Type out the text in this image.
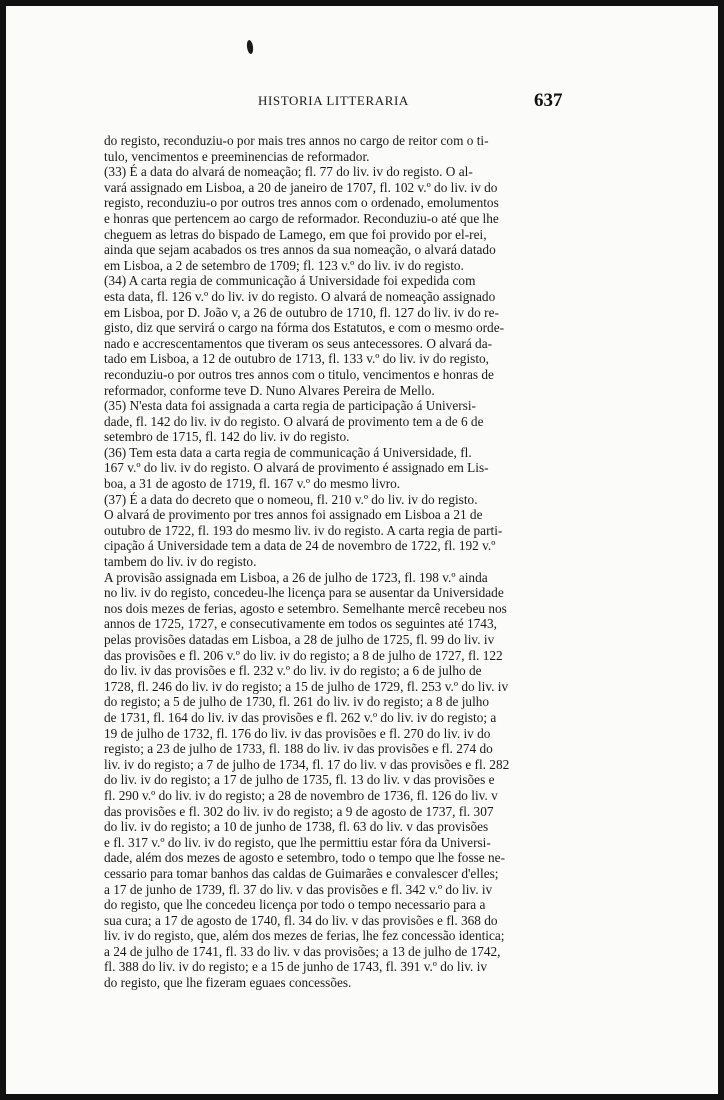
HISTORIA LITTERARIA	637

do registo, reconduziu-o por mais tres annos no cargo de reitor com o ti-
tulo, vencimentos e preeminencias de reformador.

(33) É a data do alvará de nomeação; fl. 77 do liv. iv do registo. O al-
vará assignado em Lisboa, a 20 de janeiro de 1707, fl. 102 v.º do liv. iv do
registo, reconduziu-o por outros tres annos com o ordenado, emolumentos
e honras que pertencem ao cargo de reformador. Reconduziu-o até que lhe
cheguem as letras do bispado de Lamego, em que foi provido por el-rei,
ainda que sejam acabados os tres annos da sua nomeação, o alvará datado
em Lisboa, a 2 de setembro de 1709; fl. 123 v.º do liv. iv do registo.

(34) A carta regia de communicação á Universidade foi expedida com
esta data, fl. 126 v.º do liv. iv do registo. O alvará de nomeação assignado
em Lisboa, por D. João v, a 26 de outubro de 1710, fl. 127 do liv. iv do re-
gisto, diz que servirá o cargo na fórma dos Estatutos, e com o mesmo orde-
nado e accrescentamentos que tiveram os seus antecessores. O alvará da-
tado em Lisboa, a 12 de outubro de 1713, fl. 133 v.º do liv. iv do registo,
reconduziu-o por outros tres annos com o titulo, vencimentos e honras de
reformador, conforme teve D. Nuno Alvares Pereira de Mello.

(35) N'esta data foi assignada a carta regia de participação á Universi-
dade, fl. 142 do liv. iv do registo. O alvará de provimento tem a de 6 de
setembro de 1715, fl. 142 do liv. iv do registo.

(36) Tem esta data a carta regia de communicação á Universidade, fl.
167 v.º do liv. iv do registo. O alvará de provimento é assignado em Lis-
boa, a 31 de agosto de 1719, fl. 167 v.º do mesmo livro.

(37) É a data do decreto que o nomeou, fl. 210 v.º do liv. iv do registo.
O alvará de provimento por tres annos foi assignado em Lisboa a 21 de
outubro de 1722, fl. 193 do mesmo liv. iv do registo. A carta regia de parti-
cipação á Universidade tem a data de 24 de novembro de 1722, fl. 192 v.º
tambem do liv. iv do registo.

A provisão assignada em Lisboa, a 26 de julho de 1723, fl. 198 v.º ainda
no liv. iv do registo, concedeu-lhe licença para se ausentar da Universidade
nos dois mezes de ferias, agosto e setembro. Semelhante mercê recebeu nos
annos de 1725, 1727, e consecutivamente em todos os seguintes até 1743,
pelas provisões datadas em Lisboa, a 28 de julho de 1725, fl. 99 do liv. iv
das provisões e fl. 206 v.º do liv. iv do registo; a 8 de julho de 1727, fl. 122
do liv. iv das provisões e fl. 232 v.º do liv. iv do registo; a 6 de julho de
1728, fl. 246 do liv. iv do registo; a 15 de julho de 1729, fl. 253 v.º do liv. iv
do registo; a 5 de julho de 1730, fl. 261 do liv. iv do registo; a 8 de julho
de 1731, fl. 164 do liv. iv das provisões e fl. 262 v.º do liv. iv do registo; a
19 de julho de 1732, fl. 176 do liv. iv das provisões e fl. 270 do liv. iv do
registo; a 23 de julho de 1733, fl. 188 do liv. iv das provisões e fl. 274 do
liv. iv do registo; a 7 de julho de 1734, fl. 17 do liv. v das provisões e fl. 282
do liv. iv do registo; a 17 de julho de 1735, fl. 13 do liv. v das provisões e
fl. 290 v.º do liv. iv do registo; a 28 de novembro de 1736, fl. 126 do liv. v
das provisões e fl. 302 do liv. iv do registo; a 9 de agosto de 1737, fl. 307
do liv. iv do registo; a 10 de junho de 1738, fl. 63 do liv. v das provisões
e fl. 317 v.º do liv. iv do registo, que lhe permittiu estar fóra da Universi-
dade, além dos mezes de agosto e setembro, todo o tempo que lhe fosse ne-
cessario para tomar banhos das caldas de Guimarães e convalescer d'elles;
a 17 de junho de 1739, fl. 37 do liv. v das provisões e fl. 342 v.º do liv. iv
do registo, que lhe concedeu licença por todo o tempo necessario para a
sua cura; a 17 de agosto de 1740, fl. 34 do liv. v das provisões e fl. 368 do
liv. iv do registo, que, além dos mezes de ferias, lhe fez concessão identica;
a 24 de julho de 1741, fl. 33 do liv. v das provisões; a 13 de julho de 1742,
fl. 388 do liv. iv do registo; e a 15 de junho de 1743, fl. 391 v.º do liv. iv
do registo, que lhe fizeram eguaes concessões.
